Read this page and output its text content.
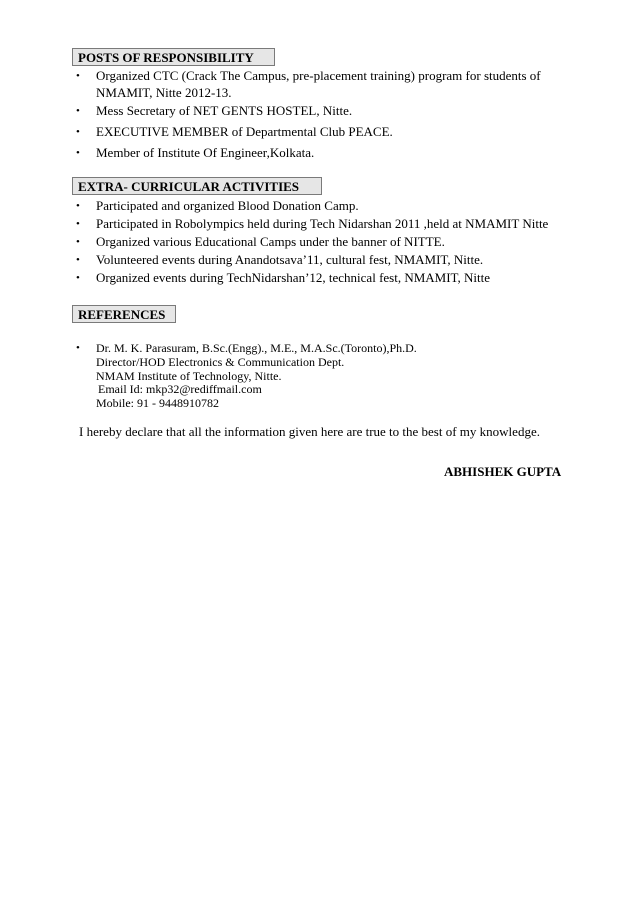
POSTS OF RESPONSIBILITY
• Organized CTC (Crack The Campus, pre-placement training) program for students of
NMAMIT, Nitte 2012-13.
• Mess Secretary of NET GENTS HOSTEL, Nitte.
• EXECUTIVE MEMBER of Departmental Club PEACE.
• Member of Institute Of Engineer,Kolkata.
EXTRA- CURRICULAR ACTIVITIES
• Participated and organized Blood Donation Camp.
• Participated in Robolympics held during Tech Nidarshan 2011 ,held at NMAMIT Nitte
• Organized various Educational Camps under the banner of NITTE.
• Volunteered events during Anandotsava’11, cultural fest, NMAMIT, Nitte.
• Organized events during TechNidarshan’12, technical fest, NMAMIT, Nitte
REFERENCES
• Dr. M. K. Parasuram, B.Sc.(Engg)., M.E., M.A.Sc.(Toronto),Ph.D.
Director/HOD Electronics & Communication Dept.
NMAM Institute of Technology, Nitte.
Email Id: mkp32@rediffmail.com
Mobile: 91 - 9448910782
I hereby declare that all the information given here are true to the best of my knowledge.
ABHISHEK GUPTA
